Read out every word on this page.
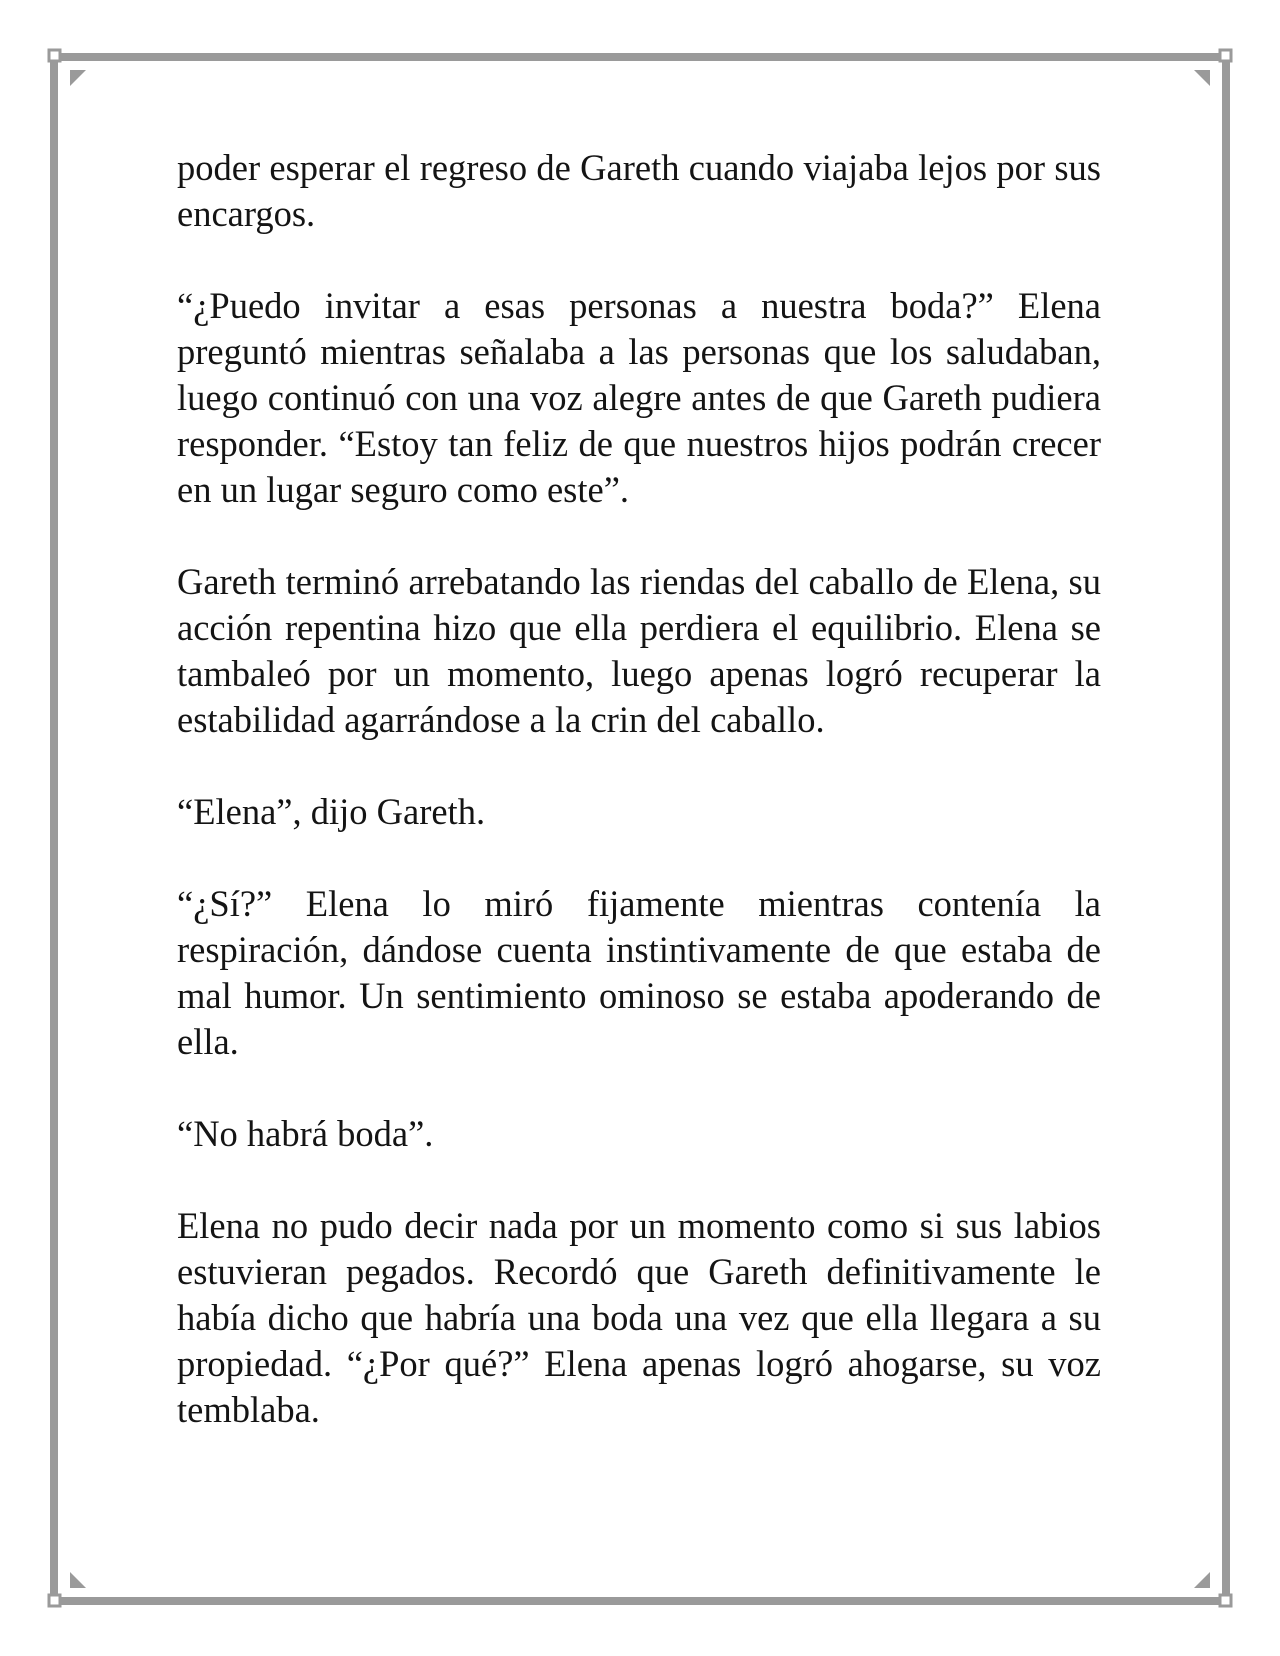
poder esperar el regreso de Gareth cuando viajaba lejos por sus encargos.

“¿Puedo invitar a esas personas a nuestra boda?” Elena preguntó mientras señalaba a las personas que los saludaban, luego continuó con una voz alegre antes de que Gareth pudiera responder. “Estoy tan feliz de que nuestros hijos podrán crecer en un lugar seguro como este”.

Gareth terminó arrebatando las riendas del caballo de Elena, su acción repentina hizo que ella perdiera el equilibrio. Elena se tambaleó por un momento, luego apenas logró recuperar la estabilidad agarrándose a la crin del caballo.

“Elena”, dijo Gareth.

“¿Sí?” Elena lo miró fijamente mientras contenía la respiración, dándose cuenta instintivamente de que estaba de mal humor. Un sentimiento ominoso se estaba apoderando de ella.

“No habrá boda”.

Elena no pudo decir nada por un momento como si sus labios estuvieran pegados. Recordó que Gareth definitivamente le había dicho que habría una boda una vez que ella llegara a su propiedad. “¿Por qué?” Elena apenas logró ahogarse, su voz temblaba.
